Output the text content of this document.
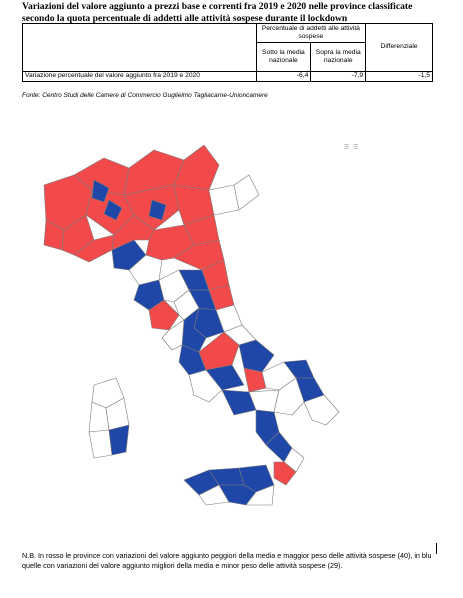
Variazioni del valore aggiunto a prezzi base e correnti fra 2019 e 2020 nelle province classificate secondo la quota percentuale di addetti alle attività sospese durante il lockdown
	Percentuale di addetti alle attività sospese		Differenziale
	Sotto la media nazionale	Sopra la media nazionale	
Variazione percentuale del valore aggiunto fra 2019 e 2020	-6,4	-7,9	-1,5
Fonte: Centro Studi delle Camere di Commercio Guglielmo Tagliacarne-Unioncamere
☰ ☰
N.B. In rosso le province con variazioni del valore aggiunto peggiori della media e maggior peso delle attività sospese (40), in blu quelle con variazioni del valore aggiunto migliori della media e minor peso delle attività sospese (29).
